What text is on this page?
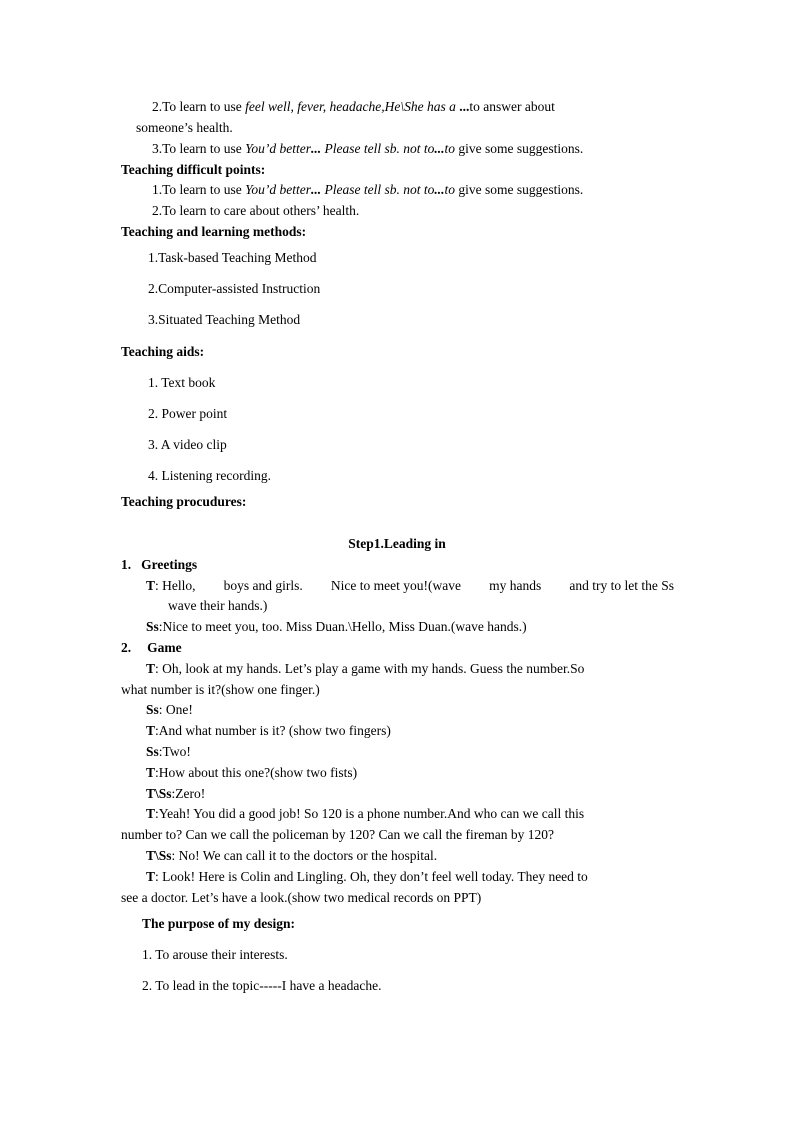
2.To learn to use feel well, fever, headache,He\She has a ...to answer about
someone’s health.
3.To learn to use You’d better... Please tell sb. not to...to give some suggestions.
Teaching difficult points:
1.To learn to use You’d better... Please tell sb. not to...to give some suggestions.
2.To learn to care about others’ health.
Teaching and learning methods:
1.Task-based Teaching Method
2.Computer-assisted Instruction
3.Situated Teaching Method
Teaching aids:
1. Text book
2. Power point
3. A video clip
4. Listening recording.
Teaching procudures:
Step1.Leading in
1. Greetings
T: Hello, boys and girls. Nice to meet you!(wave my hands and try to let the Ss
wave their hands.)
Ss:Nice to meet you, too. Miss Duan.\Hello, Miss Duan.(wave hands.)
2. Game
T: Oh, look at my hands. Let’s play a game with my hands. Guess the number.So
what number is it?(show one finger.)
Ss: One!
T:And what number is it? (show two fingers)
Ss:Two!
T:How about this one?(show two fists)
T\Ss:Zero!
T:Yeah! You did a good job! So 120 is a phone number.And who can we call this
number to? Can we call the policeman by 120? Can we call the fireman by 120?
T\Ss: No! We can call it to the doctors or the hospital.
T: Look! Here is Colin and Lingling. Oh, they don’t feel well today. They need to
see a doctor. Let’s have a look.(show two medical records on PPT)
The purpose of my design:
1. To arouse their interests.
2. To lead in the topic-----I have a headache.
